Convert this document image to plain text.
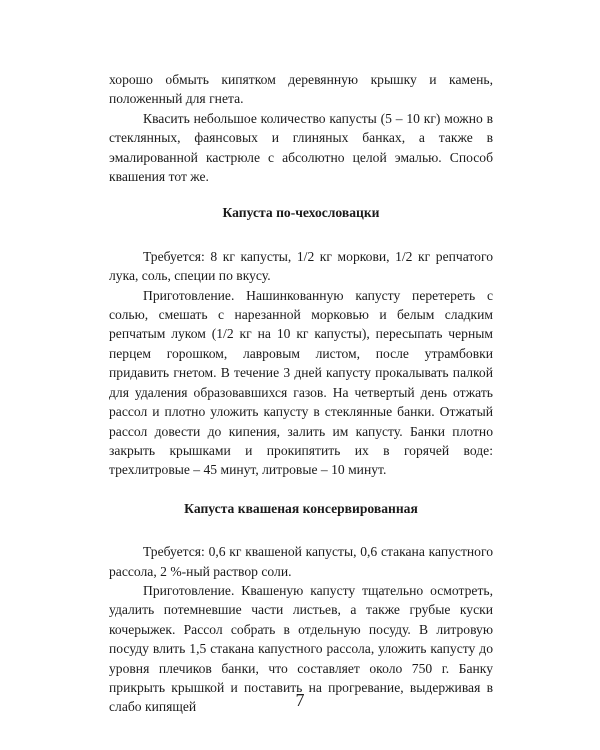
хорошо обмыть кипятком деревянную крышку и камень, положенный для гнета.

Квасить небольшое количество капусты (5 – 10 кг) можно в стеклянных, фаянсовых и глиняных банках, а также в эмалированной кастрюле с абсолютно целой эмалью. Способ квашения тот же.

Капуста по-чехословацки

Требуется: 8 кг капусты, 1/2 кг моркови, 1/2 кг репчатого лука, соль, специи по вкусу.

Приготовление. Нашинкованную капусту перетереть с солью, смешать с нарезанной морковью и белым сладким репчатым луком (1/2 кг на 10 кг капусты), пересыпать черным перцем горошком, лавровым листом, после утрамбовки придавить гнетом. В течение 3 дней капусту прокалывать палкой для удаления образовавшихся газов. На четвертый день отжать рассол и плотно уложить капусту в стеклянные банки. Отжатый рассол довести до кипения, залить им капусту. Банки плотно закрыть крышками и прокипятить их в горячей воде: трехлитровые – 45 минут, литровые – 10 минут.

Капуста квашеная консервированная

Требуется: 0,6 кг квашеной капусты, 0,6 стакана капустного рассола, 2 %-ный раствор соли.

Приготовление. Квашеную капусту тщательно осмотреть, удалить потемневшие части листьев, а также грубые куски кочерыжек. Рассол собрать в отдельную посуду. В литровую посуду влить 1,5 стакана капустного рассола, уложить капусту до уровня плечиков банки, что составляет около 750 г. Банку прикрыть крышкой и поставить на прогревание, выдерживая в слабо кипящей	7
